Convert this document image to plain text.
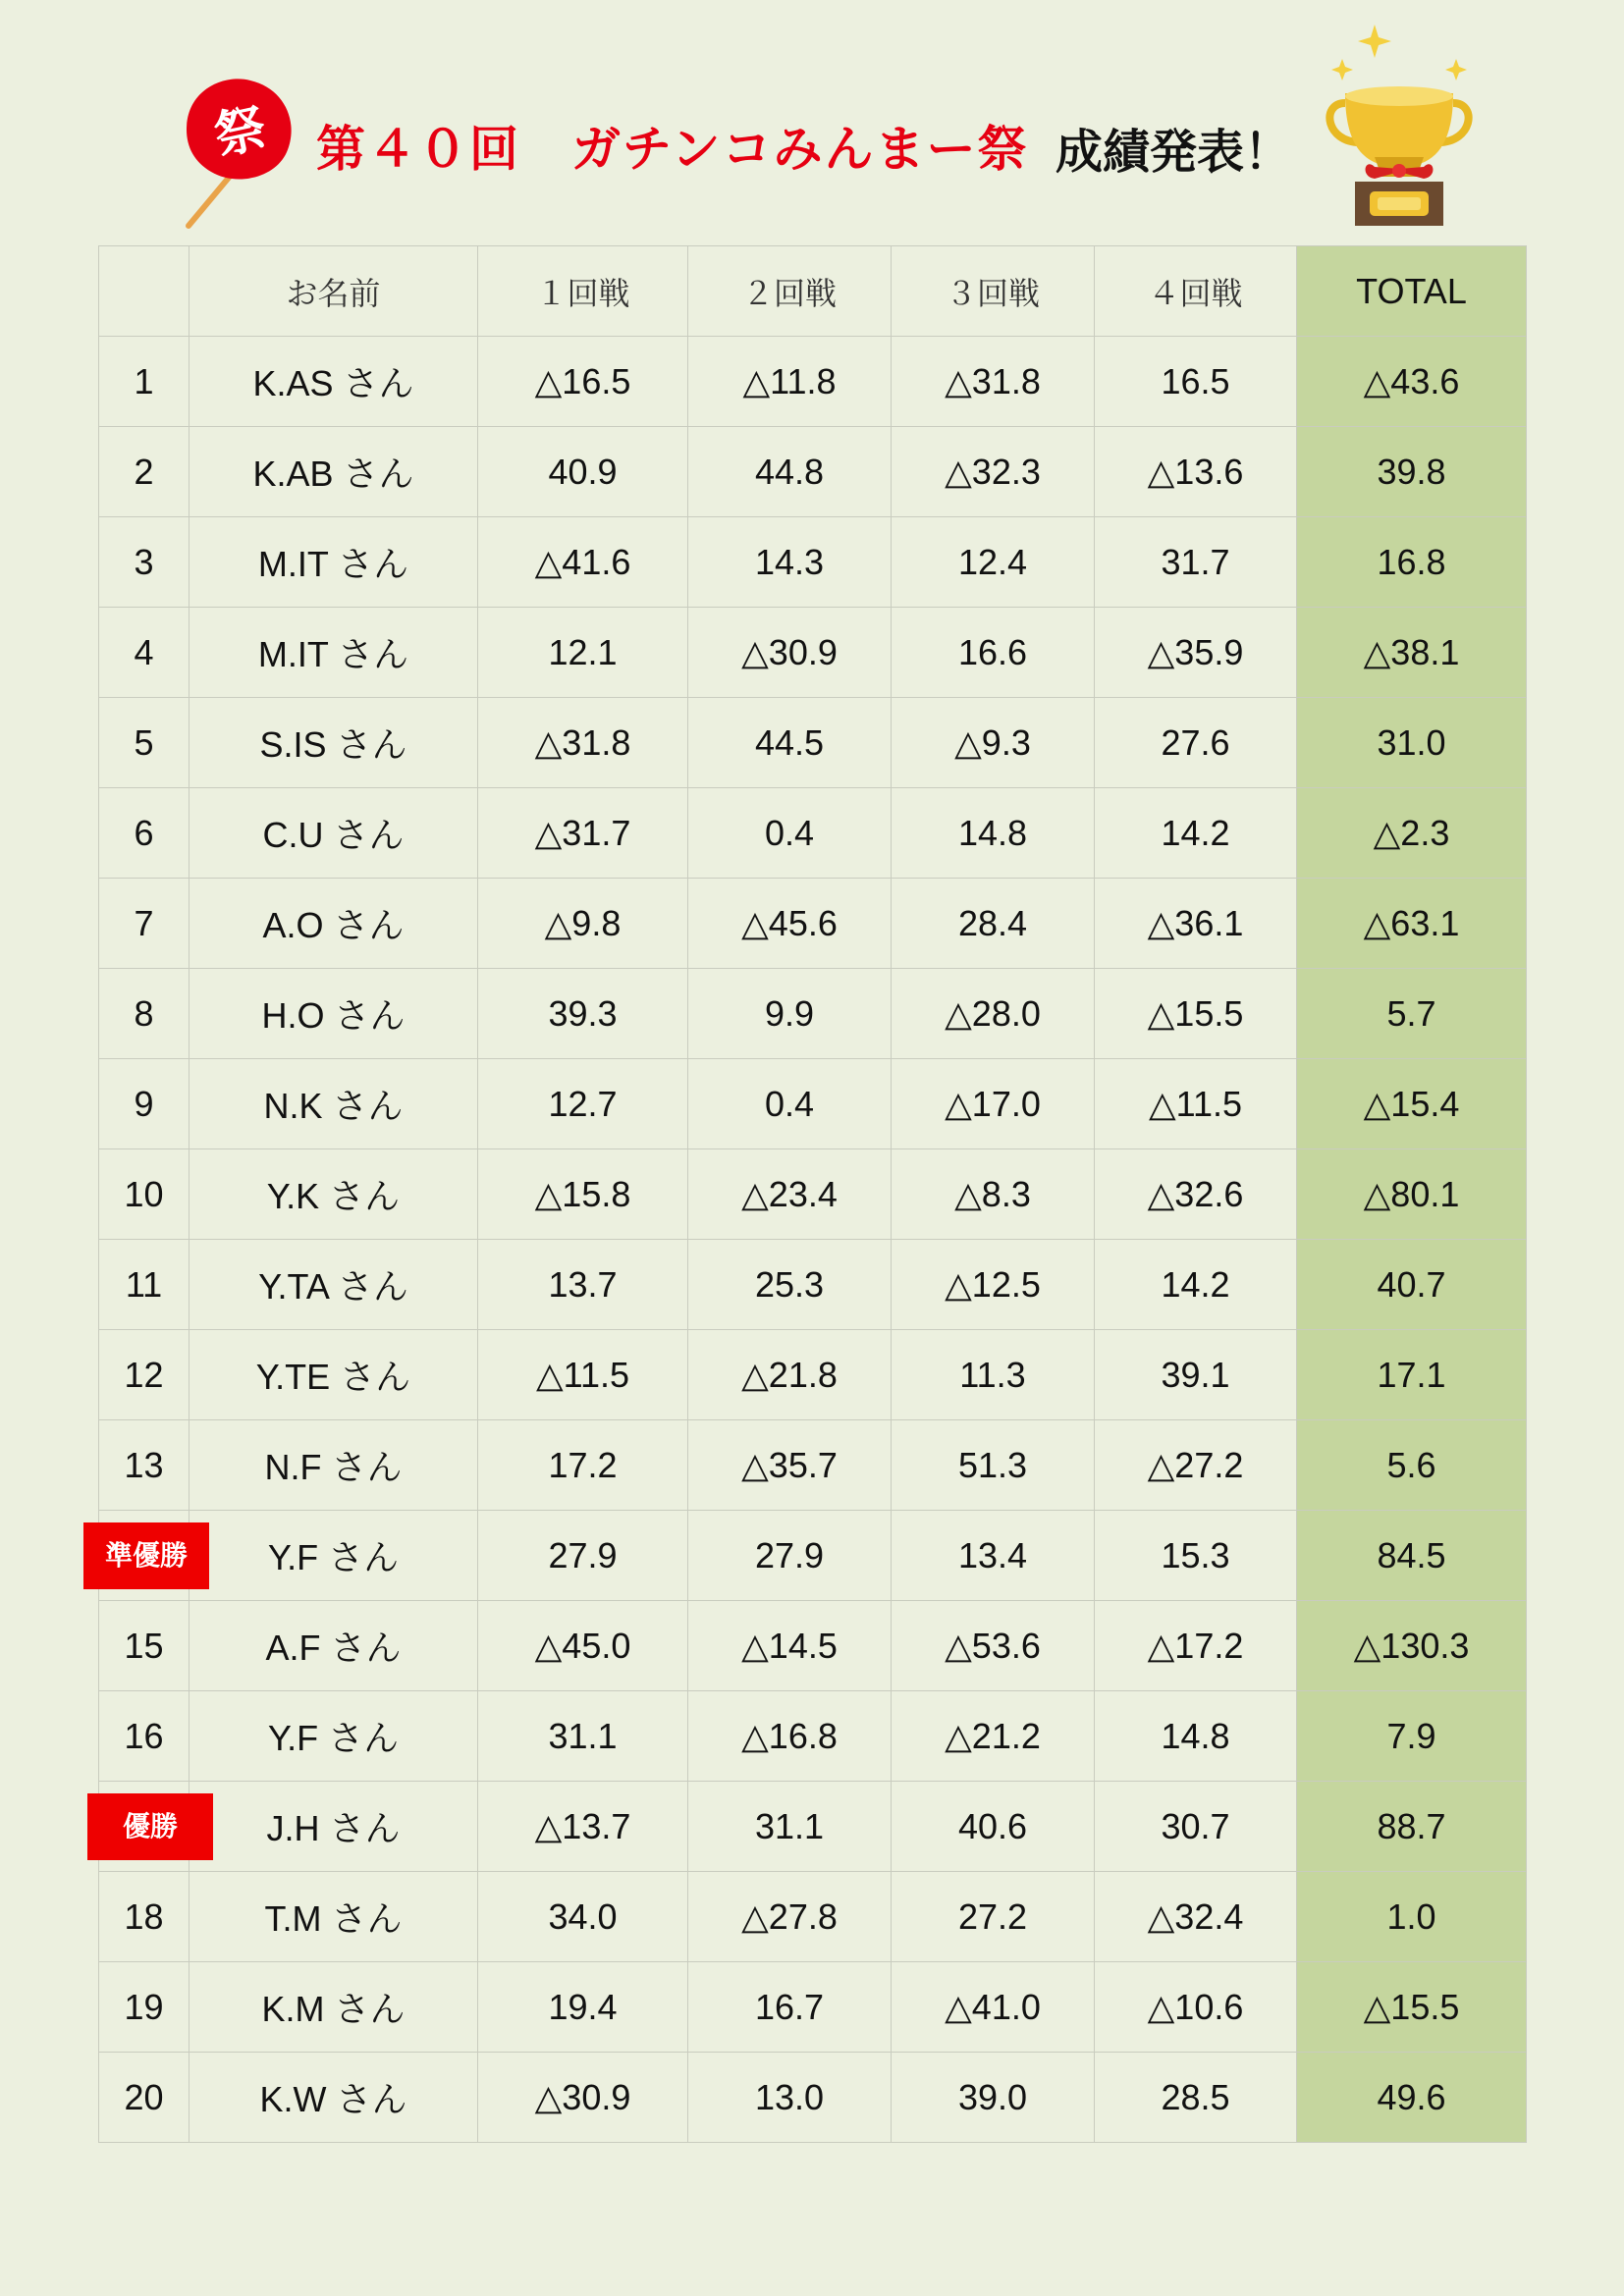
祭 第４０回　ガチンコみんまー祭 成績発表！
	お名前	１回戦	２回戦	３回戦	４回戦	TOTAL
1	K.AS さん	△16.5	△11.8	△31.8	16.5	△43.6
2	K.AB さん	40.9	44.8	△32.3	△13.6	39.8
3	M.IT さん	△41.6	14.3	12.4	31.7	16.8
4	M.IT さん	12.1	△30.9	16.6	△35.9	△38.1
5	S.IS さん	△31.8	44.5	△9.3	27.6	31.0
6	C.U さん	△31.7	0.4	14.8	14.2	△2.3
7	A.O さん	△9.8	△45.6	28.4	△36.1	△63.1
8	H.O さん	39.3	9.9	△28.0	△15.5	5.7
9	N.K さん	12.7	0.4	△17.0	△11.5	△15.4
10	Y.K さん	△15.8	△23.4	△8.3	△32.6	△80.1
11	Y.TA さん	13.7	25.3	△12.5	14.2	40.7
12	Y.TE さん	△11.5	△21.8	11.3	39.1	17.1
13	N.F さん	17.2	△35.7	51.3	△27.2	5.6

準優勝	Y.F さん	27.9	27.9	13.4	15.3	84.5
15	A.F さん	△45.0	△14.5	△53.6	△17.2	△130.3
16	Y.F さん	31.1	△16.8	△21.2	14.8	7.9

優勝	J.H さん	△13.7	31.1	40.6	30.7	88.7
18	T.M さん	34.0	△27.8	27.2	△32.4	1.0
19	K.M さん	19.4	16.7	△41.0	△10.6	△15.5
20	K.W さん	△30.9	13.0	39.0	28.5	49.6
